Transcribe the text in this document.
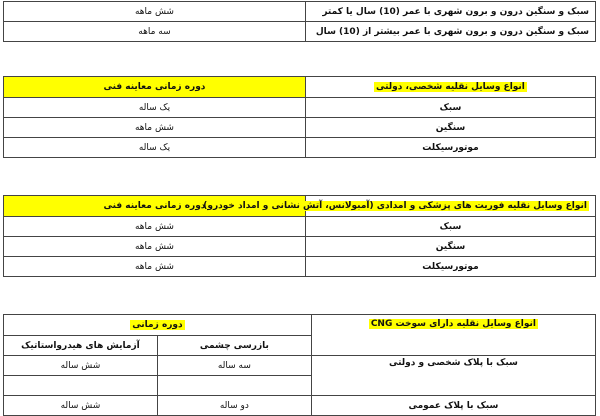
سبک و سنگین درون و برون شهری با عمر (10) سال یا کمتر	شش ماهه
سبک و سنگین درون و برون شهری با عمر بیشتر از (10) سال	سه ماهه
انواع وسایل نقلیه شخصی، دولتی	دوره زمانی معاینه فنی
سبک	یک ساله
سنگین	شش ماهه
موتورسیکلت	یک ساله
انواع وسایل نقلیه فوریت های پزشکی و امدادی (آمبولانس، آتش نشانی و امداد خودرو)	دوره زمانی معاینه فنی
سبک	شش ماهه
سنگین	شش ماهه
موتورسیکلت	شش ماهه
انواع وسایل نقلیه دارای سوخت CNG	دوره زمانی	
	بازرسی چشمی	آزمایش های هیدرواستاتیک
سبک با پلاک شخصی و دولتی	سه ساله	شش ساله

سبک با پلاک عمومی	دو ساله	شش ساله
